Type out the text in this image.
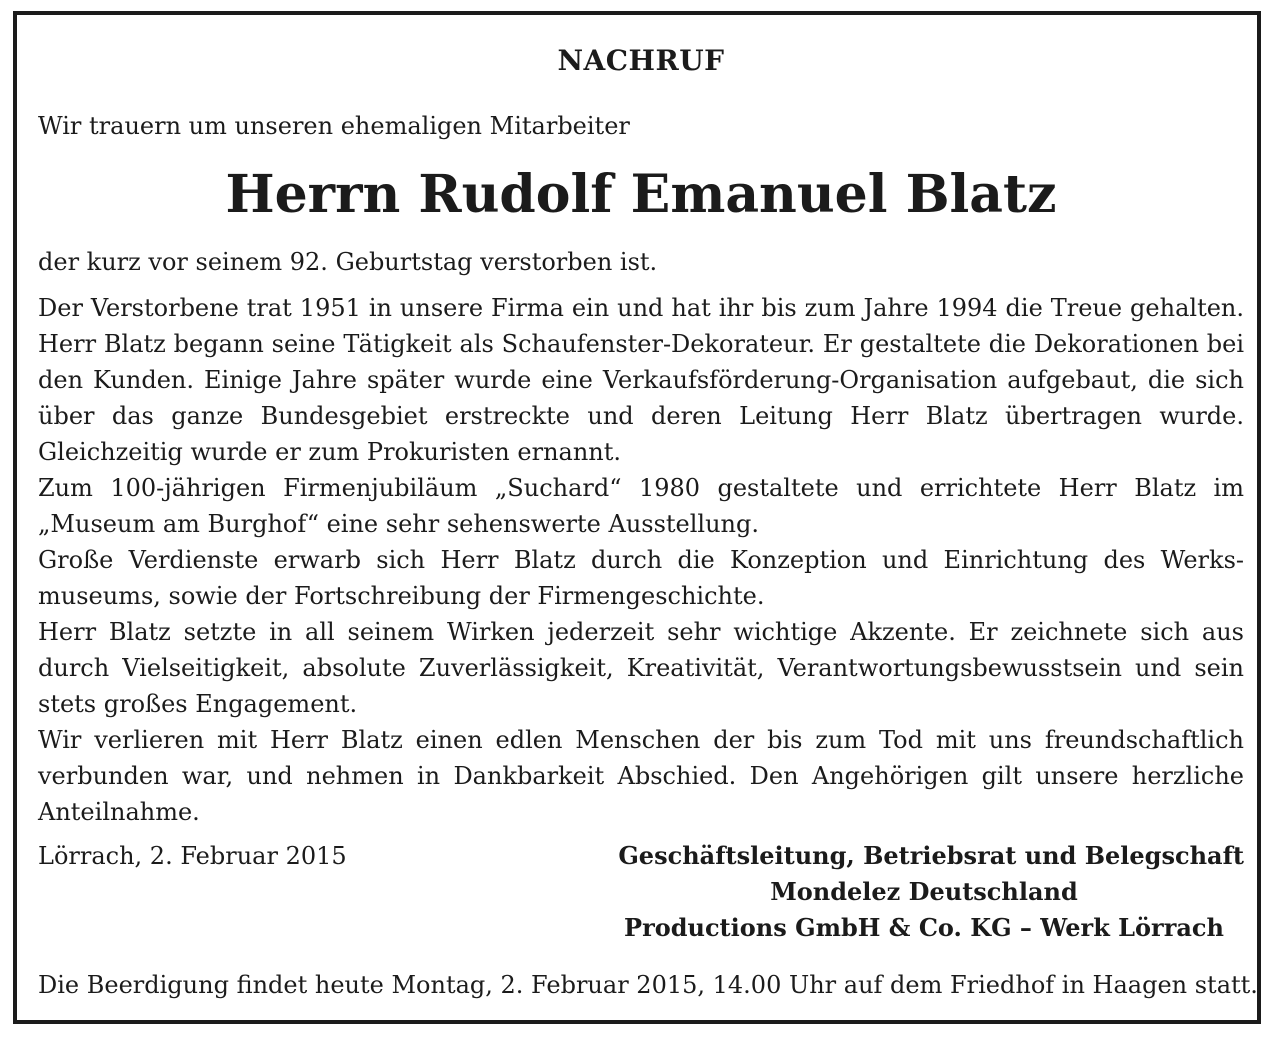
NACHRUF
Wir trauern um unseren ehemaligen Mitarbeiter
Herrn Rudolf Emanuel Blatz
der kurz vor seinem 92. Geburtstag verstorben ist.

Der Verstorbene trat 1951 in unsere Firma ein und hat ihr bis zum Jahre 1994 die Treue gehalten. Herr Blatz begann seine Tätigkeit als Schaufenster-Dekorateur. Er gestaltete die Dekorationen bei den Kunden. Einige Jahre später wurde eine Verkaufsförderung-Organisation aufgebaut, die sich über das ganze Bundesgebiet erstreckte und deren Leitung Herr Blatz übertragen wurde. Gleichzeitig wurde er zum Prokuristen ernannt.

Zum 100-jährigen Firmenjubiläum „Suchard“ 1980 gestaltete und errichtete Herr Blatz im „Museum am Burghof“ eine sehr sehenswerte Ausstellung.

Große Verdienste erwarb sich Herr Blatz durch die Konzeption und Einrichtung des Werks-museums, sowie der Fortschreibung der Firmengeschichte.

Herr Blatz setzte in all seinem Wirken jederzeit sehr wichtige Akzente. Er zeichnete sich aus durch Vielseitigkeit, absolute Zuverlässigkeit, Kreativität, Verantwortungsbewusstsein und sein stets großes Engagement.

Wir verlieren mit Herr Blatz einen edlen Menschen der bis zum Tod mit uns freundschaftlich verbunden war, und nehmen in Dankbarkeit Abschied. Den Angehörigen gilt unsere herzliche Anteilnahme.

Lörrach, 2. Februar 2015	Geschäftsleitung, Betriebsrat und Belegschaft
Mondelez Deutschland
Productions GmbH & Co. KG – Werk Lörrach
Die Beerdigung findet heute Montag, 2. Februar 2015, 14.00 Uhr auf dem Friedhof in Haagen statt.
